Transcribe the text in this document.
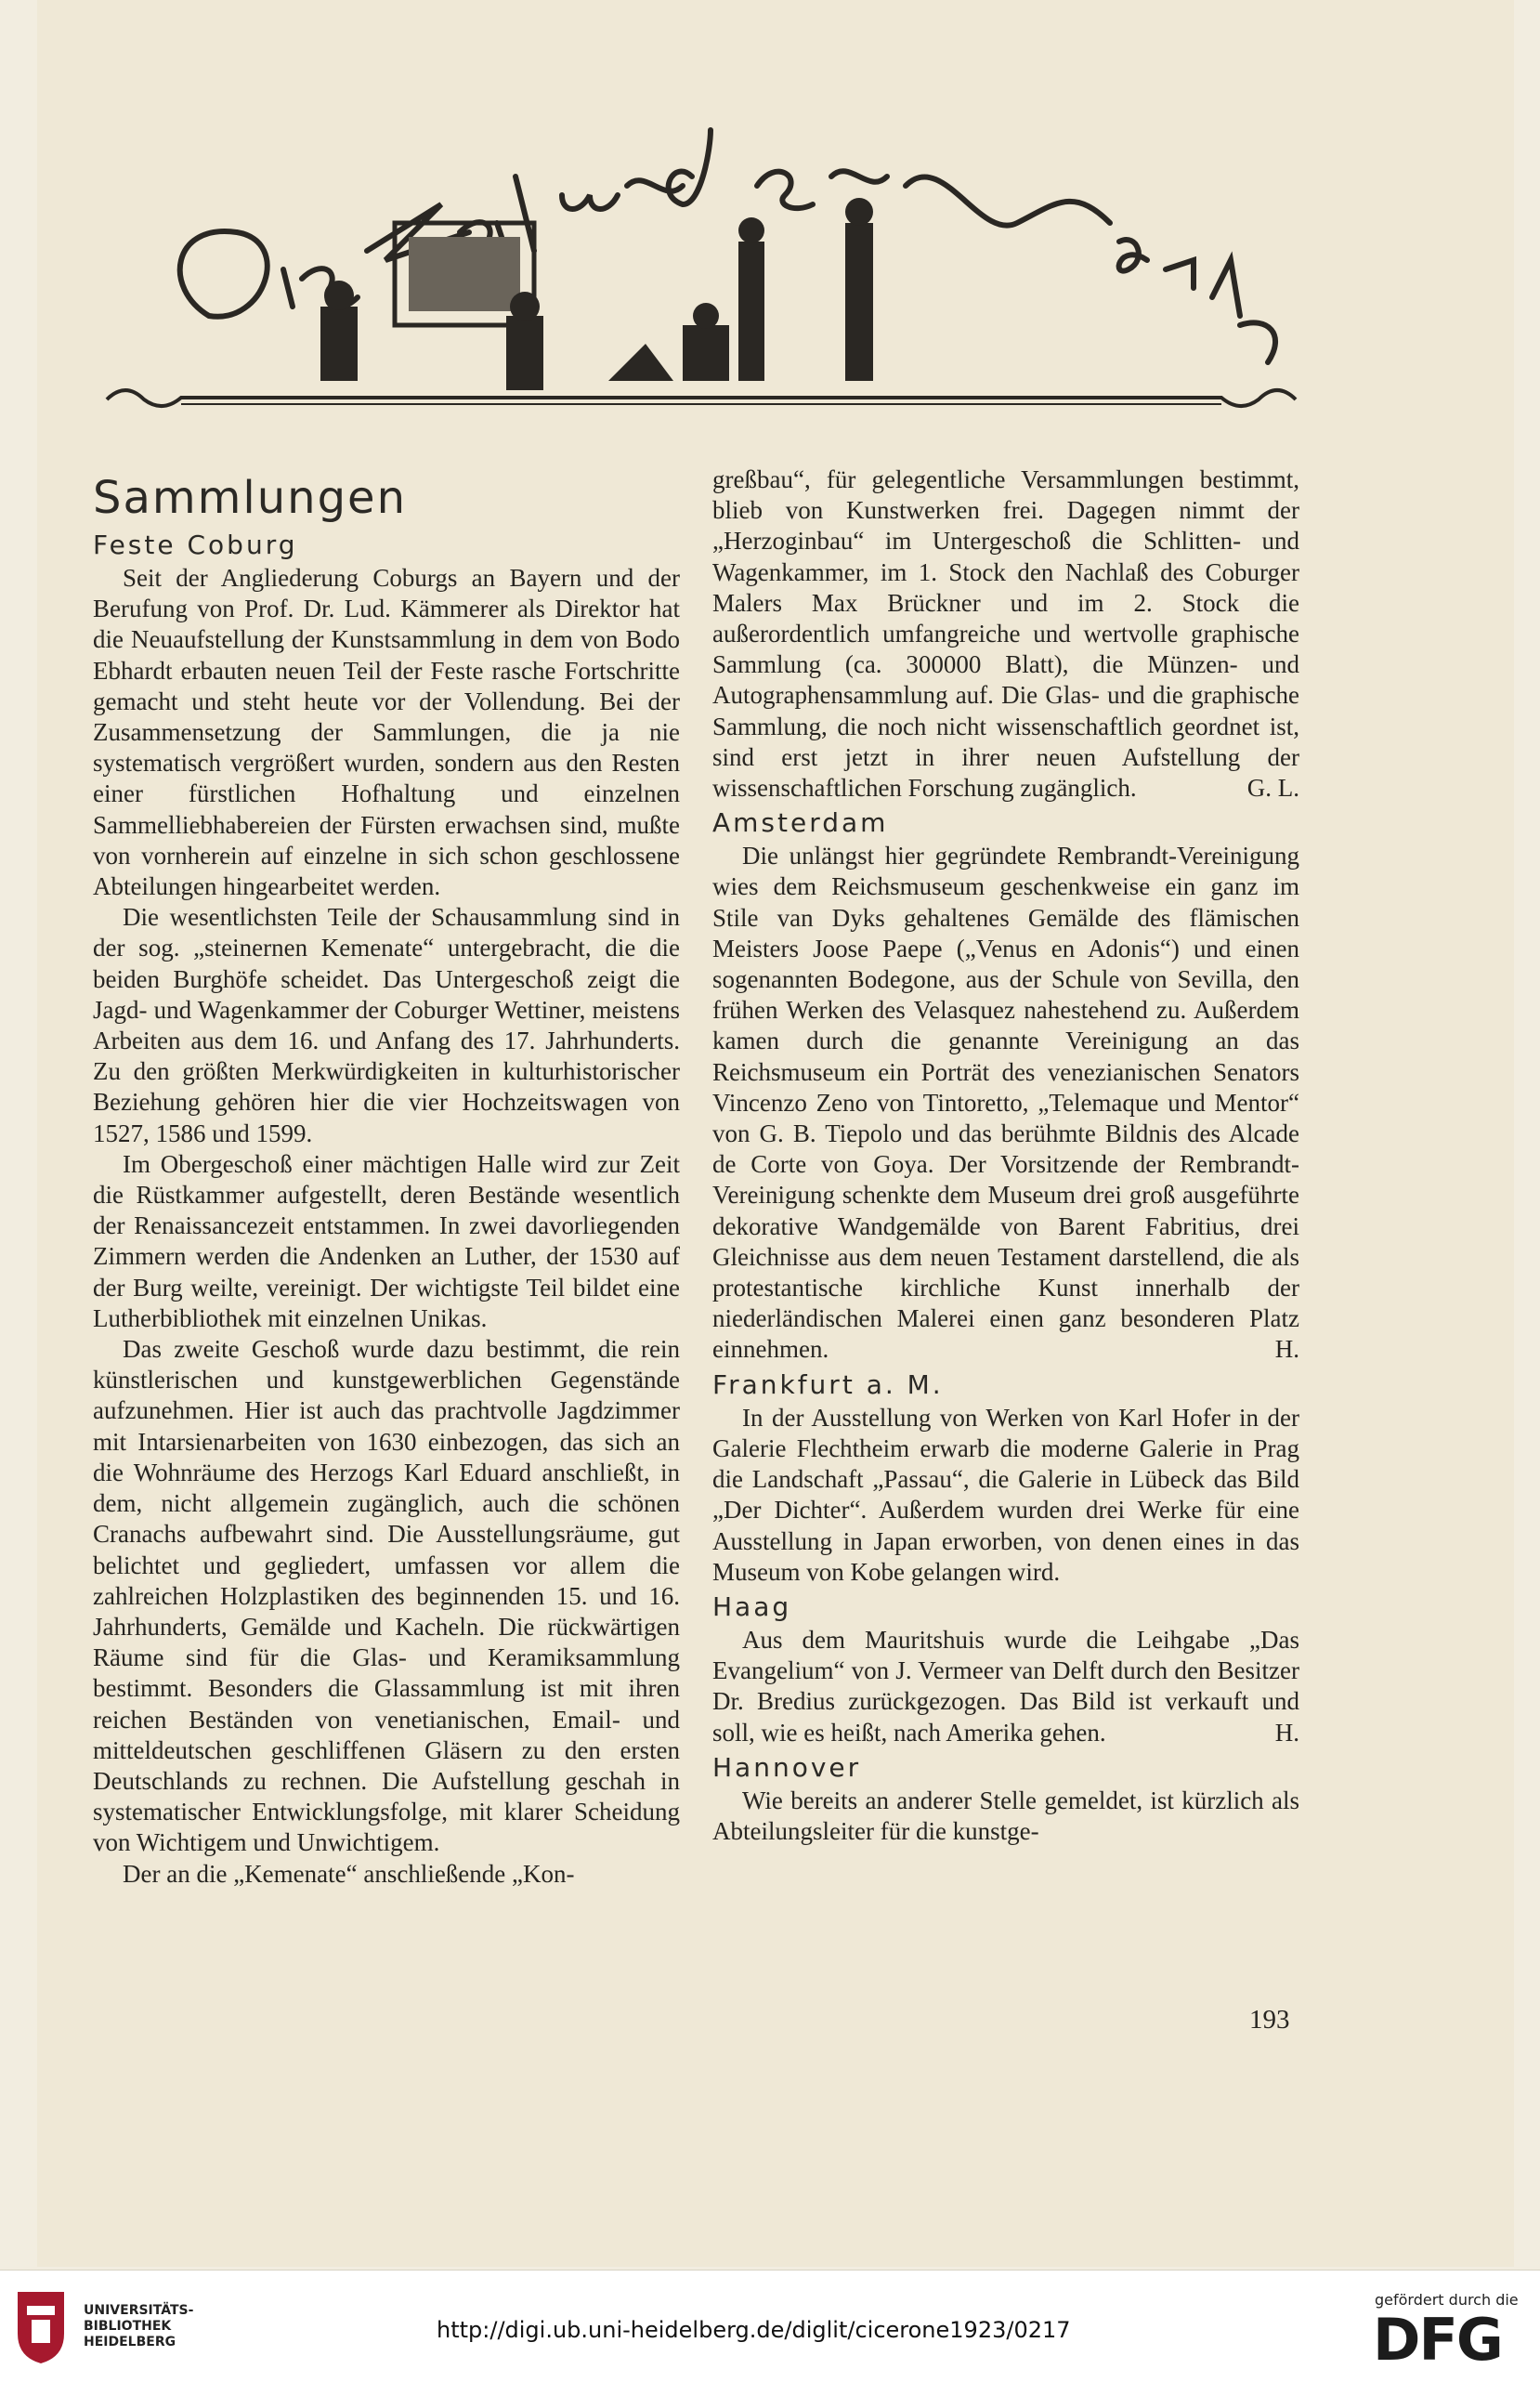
Sammlungen
Feste Coburg

Seit der Angliederung Coburgs an Bayern und der Berufung von Prof. Dr. Lud. Kämmerer als Direktor hat die Neuaufstellung der Kunstsammlung in dem von Bodo Ebhardt erbauten neuen Teil der Feste rasche Fortschritte gemacht und steht heute vor der Vollendung. Bei der Zusammensetzung der Sammlungen, die ja nie systematisch vergrößert wurden, sondern aus den Resten einer fürstlichen Hofhaltung und einzelnen Sammelliebhabereien der Fürsten erwachsen sind, mußte von vornherein auf einzelne in sich schon geschlossene Abteilungen hingearbeitet werden.

Die wesentlichsten Teile der Schausammlung sind in der sog. „steinernen Kemenate“ untergebracht, die die beiden Burghöfe scheidet. Das Untergeschoß zeigt die Jagd- und Wagenkammer der Coburger Wettiner, meistens Arbeiten aus dem 16. und Anfang des 17. Jahrhunderts. Zu den größten Merkwürdigkeiten in kulturhistorischer Beziehung gehören hier die vier Hochzeitswagen von 1527, 1586 und 1599.

Im Obergeschoß einer mächtigen Halle wird zur Zeit die Rüstkammer aufgestellt, deren Bestände wesentlich der Renaissancezeit entstammen. In zwei davorliegenden Zimmern werden die Andenken an Luther, der 1530 auf der Burg weilte, vereinigt. Der wichtigste Teil bildet eine Lutherbibliothek mit einzelnen Unikas.

Das zweite Geschoß wurde dazu bestimmt, die rein künstlerischen und kunstgewerblichen Gegenstände aufzunehmen. Hier ist auch das prachtvolle Jagdzimmer mit Intarsienarbeiten von 1630 einbezogen, das sich an die Wohnräume des Herzogs Karl Eduard anschließt, in dem, nicht allgemein zugänglich, auch die schönen Cranachs aufbewahrt sind. Die Ausstellungsräume, gut belichtet und gegliedert, umfassen vor allem die zahlreichen Holzplastiken des beginnenden 15. und 16. Jahrhunderts, Gemälde und Kacheln. Die rückwärtigen Räume sind für die Glas- und Keramiksammlung bestimmt. Besonders die Glassammlung ist mit ihren reichen Beständen von venetianischen, Email- und mitteldeutschen geschliffenen Gläsern zu den ersten Deutschlands zu rechnen. Die Aufstellung geschah in systematischer Entwicklungsfolge, mit klarer Scheidung von Wichtigem und Unwichtigem.

Der an die „Kemenate“ anschließende „Kon-

greßbau“, für gelegentliche Versammlungen bestimmt, blieb von Kunstwerken frei. Dagegen nimmt der „Herzoginbau“ im Untergeschoß die Schlitten- und Wagenkammer, im 1. Stock den Nachlaß des Coburger Malers Max Brückner und im 2. Stock die außerordentlich umfangreiche und wertvolle graphische Sammlung (ca. 300000 Blatt), die Münzen- und Autographensammlung auf. Die Glas- und die graphische Sammlung, die noch nicht wissenschaftlich geordnet ist, sind erst jetzt in ihrer neuen Aufstellung der wissenschaftlichen Forschung zugänglich.	G. L.

Amsterdam

Die unlängst hier gegründete Rembrandt-Vereinigung wies dem Reichsmuseum geschenkweise ein ganz im Stile van Dyks gehaltenes Gemälde des flämischen Meisters Joose Paepe („Venus en Adonis“) und einen sogenannten Bodegone, aus der Schule von Sevilla, den frühen Werken des Velasquez nahestehend zu. Außerdem kamen durch die genannte Vereinigung an das Reichsmuseum ein Porträt des venezianischen Senators Vincenzo Zeno von Tintoretto, „Telemaque und Mentor“ von G. B. Tiepolo und das berühmte Bildnis des Alcade de Corte von Goya. Der Vorsitzende der Rembrandt-Vereinigung schenkte dem Museum drei groß ausgeführte dekorative Wandgemälde von Barent Fabritius, drei Gleichnisse aus dem neuen Testament darstellend, die als protestantische kirchliche Kunst innerhalb der niederländischen Malerei einen ganz besonderen Platz einnehmen.	H.

Frankfurt a. M.

In der Ausstellung von Werken von Karl Hofer in der Galerie Flechtheim erwarb die moderne Galerie in Prag die Landschaft „Passau“, die Galerie in Lübeck das Bild „Der Dichter“. Außerdem wurden drei Werke für eine Ausstellung in Japan erworben, von denen eines in das Museum von Kobe gelangen wird.

Haag

Aus dem Mauritshuis wurde die Leihgabe „Das Evangelium“ von J. Vermeer van Delft durch den Besitzer Dr. Bredius zurückgezogen. Das Bild ist verkauft und soll, wie es heißt, nach Amerika gehen.	H.

Hannover

Wie bereits an anderer Stelle gemeldet, ist kürzlich als Abteilungsleiter für die kunstge-

193
UNIVERSITÄTS-
BIBLIOTHEK
HEIDELBERG	http://digi.ub.uni-heidelberg.de/diglit/cicerone1923/0217
gefördert durch die
DFG
